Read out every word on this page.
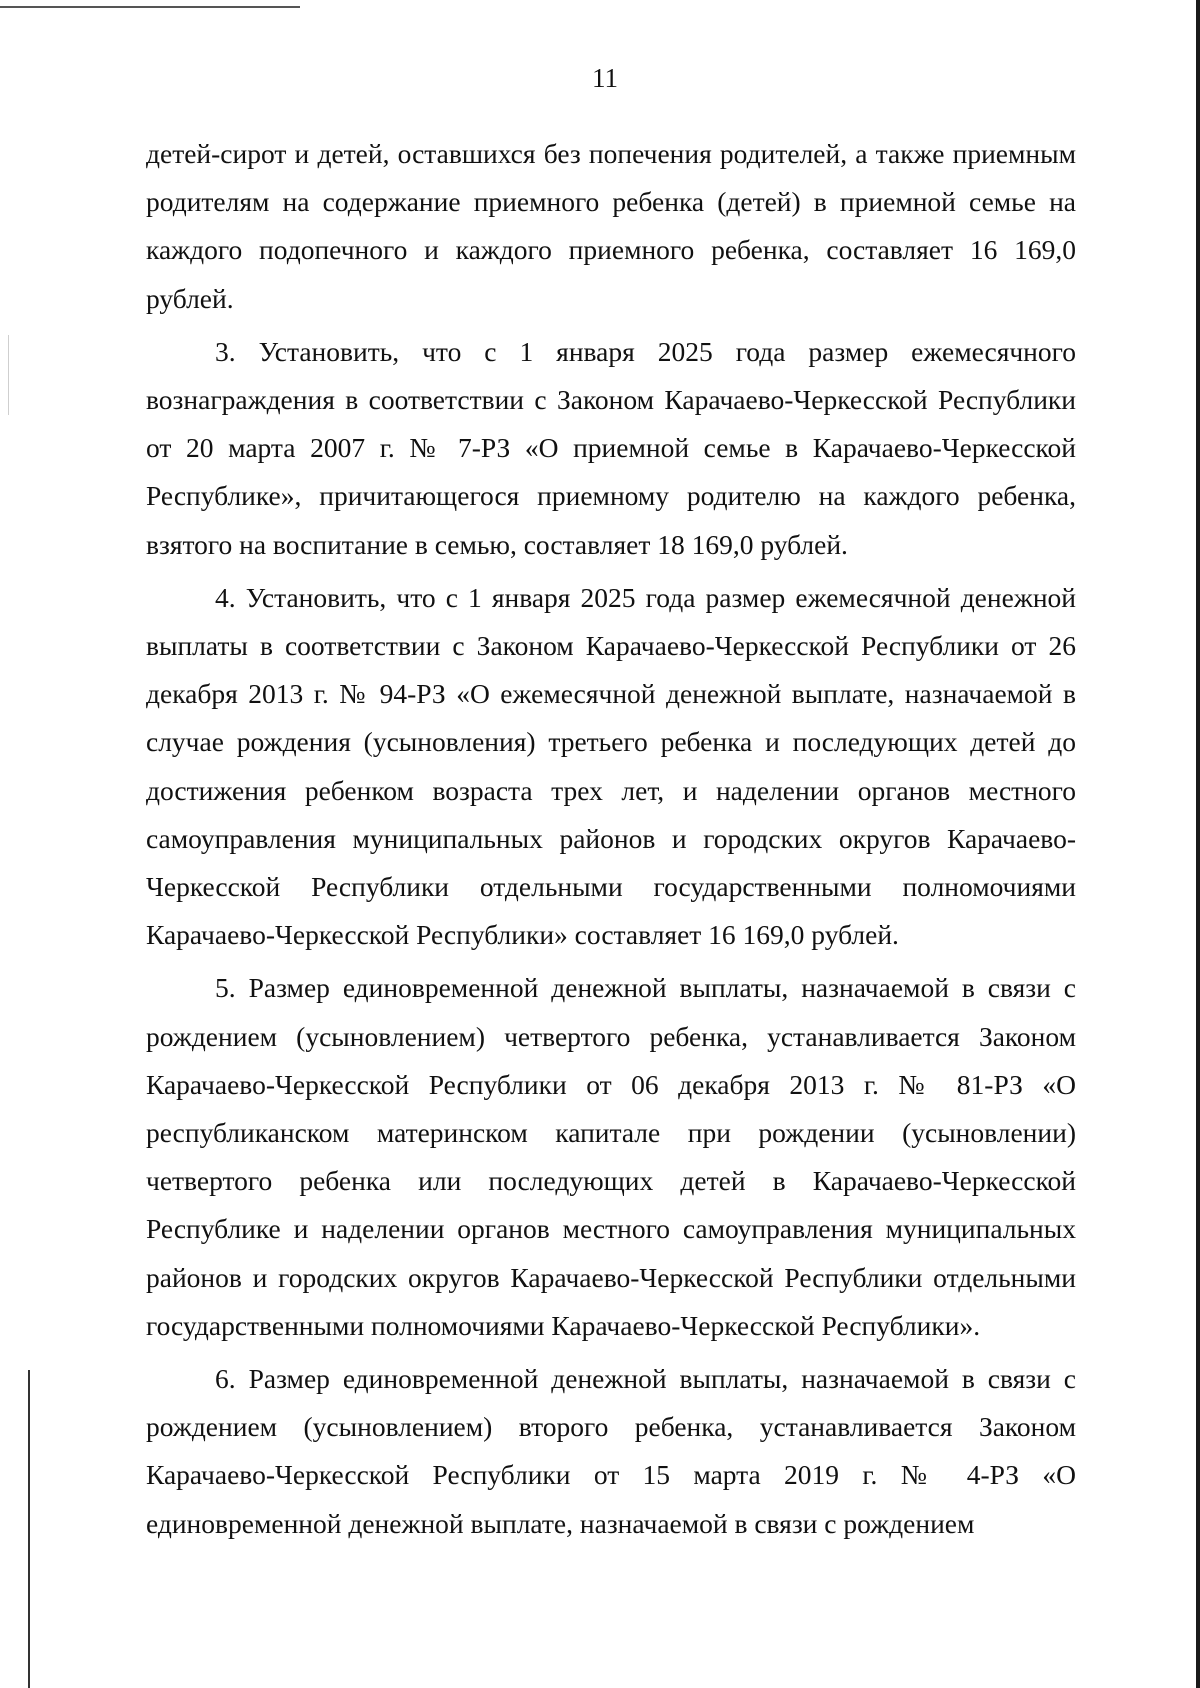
11

детей-сирот и детей, оставшихся без попечения родителей, а также приемным родителям на содержание приемного ребенка (детей) в приемной семье на каждого подопечного и каждого приемного ребенка, составляет 16 169,0 рублей.

3. Установить, что с 1 января 2025 года размер ежемесячного вознаграждения в соответствии с Законом Карачаево-Черкесской Республики от 20 марта 2007 г. № 7-РЗ «О приемной семье в Карачаево-Черкесской Республике», причитающегося приемному родителю на каждого ребенка, взятого на воспитание в семью, составляет 18 169,0 рублей.

4. Установить, что с 1 января 2025 года размер ежемесячной денежной выплаты в соответствии с Законом Карачаево-Черкесской Республики от 26 декабря 2013 г. № 94-РЗ «О ежемесячной денежной выплате, назначаемой в случае рождения (усыновления) третьего ребенка и последующих детей до достижения ребенком возраста трех лет, и наделении органов местного самоуправления муниципальных районов и городских округов Карачаево-Черкесской Республики отдельными государственными полномочиями Карачаево-Черкесской Республики» составляет 16 169,0 рублей.

5. Размер единовременной денежной выплаты, назначаемой в связи с рождением (усыновлением) четвертого ребенка, устанавливается Законом Карачаево-Черкесской Республики от 06 декабря 2013 г. № 81-РЗ «О республиканском материнском капитале при рождении (усыновлении) четвертого ребенка или последующих детей в Карачаево-Черкесской Республике и наделении органов местного самоуправления муниципальных районов и городских округов Карачаево-Черкесской Республики отдельными государственными полномочиями Карачаево-Черкесской Республики».

6. Размер единовременной денежной выплаты, назначаемой в связи с рождением (усыновлением) второго ребенка, устанавливается Законом Карачаево-Черкесской Республики от 15 марта 2019 г. № 4-РЗ «О единовременной денежной выплате, назначаемой в связи с рождением
